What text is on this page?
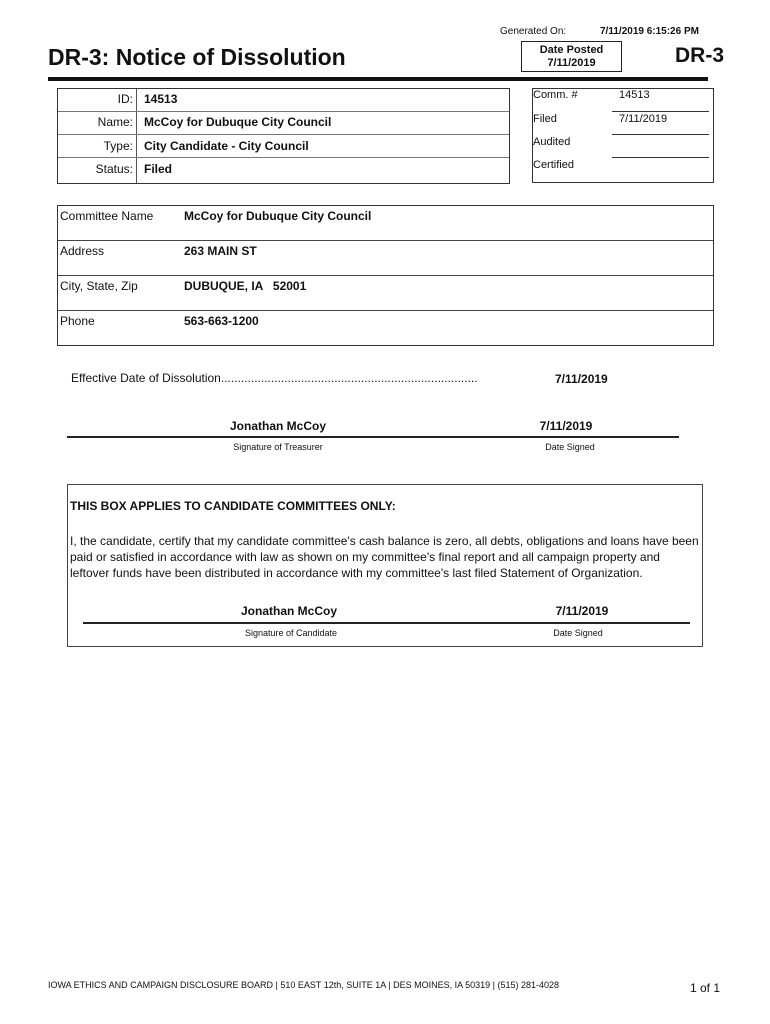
Generated On:	7/11/2019 6:15:26 PM
DR-3: Notice of Dissolution	Date Posted
7/11/2019	DR-3
ID: 14513
Name: McCoy for Dubuque City Council
Type: City Candidate - City Council
Status: Filed
Comm. #	14513
Filed	7/11/2019
Audited
Certified
Committee Name	McCoy for Dubuque City Council
Address	263 MAIN ST
City, State, Zip	DUBUQUE, IA   52001
Phone	563-663-1200
Effective Date of Dissolution.............................................................................	7/11/2019
Jonathan McCoy	7/11/2019
Signature of Treasurer	Date Signed
THIS BOX APPLIES TO CANDIDATE COMMITTEES ONLY:
I, the candidate, certify that my candidate committee's cash balance is zero, all debts, obligations and loans have been paid or satisfied in accordance with law as shown on my committee's final report and all campaign property and leftover funds have been distributed in accordance with my committee's last filed Statement of Organization.
Jonathan McCoy	7/11/2019
Signature of Candidate	Date Signed
IOWA ETHICS AND CAMPAIGN DISCLOSURE BOARD | 510 EAST 12th, SUITE 1A | DES MOINES, IA 50319 | (515) 281-4028	1 of 1
